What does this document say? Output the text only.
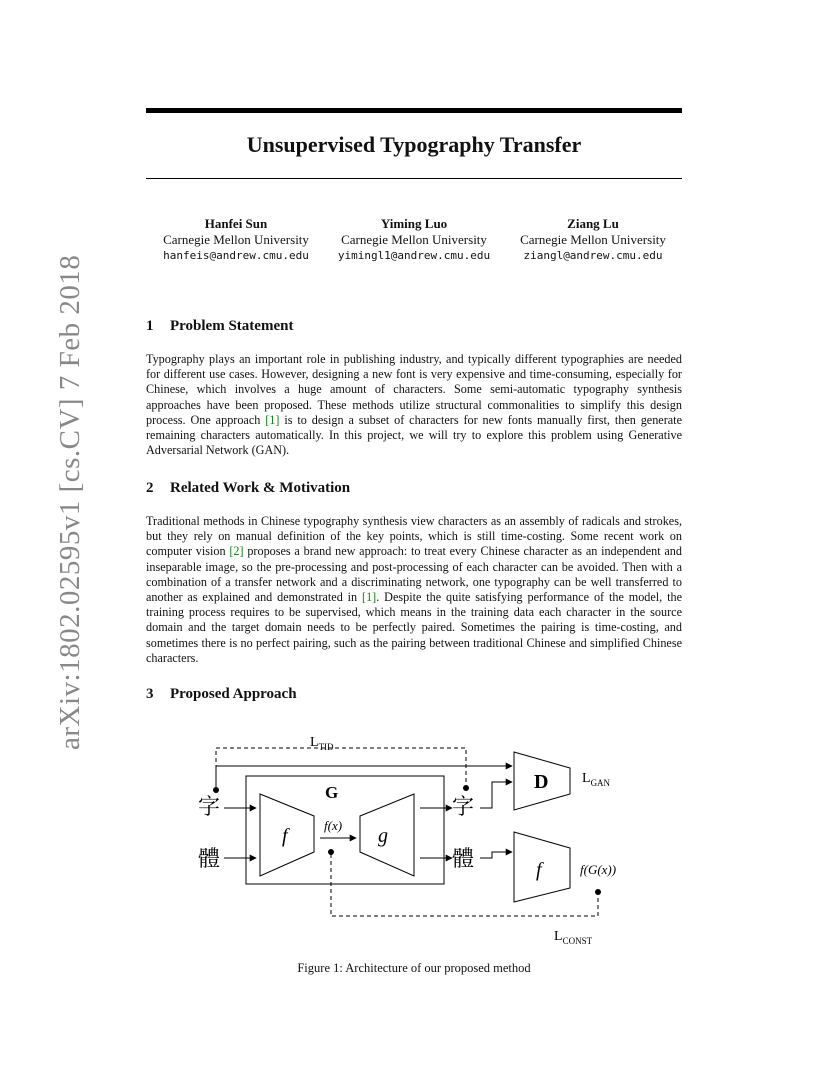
arXiv:1802.02595v1 [cs.CV] 7 Feb 2018
Unsupervised Typography Transfer
Hanfei Sun
Carnegie Mellon University
hanfeis@andrew.cmu.edu
Yiming Luo
Carnegie Mellon University
yimingl1@andrew.cmu.edu
Ziang Lu
Carnegie Mellon University
ziangl@andrew.cmu.edu
1 Problem Statement
Typography plays an important role in publishing industry, and typically different typographies are needed for different use cases. However, designing a new font is very expensive and time-consuming, especially for Chinese, which involves a huge amount of characters. Some semi-automatic typography synthesis approaches have been proposed. These methods utilize structural commonalities to simplify this design process. One approach [1] is to design a subset of characters for new fonts manually first, then generate remaining characters automatically. In this project, we will try to explore this problem using Generative Adversarial Network (GAN).
2 Related Work & Motivation
Traditional methods in Chinese typography synthesis view characters as an assembly of radicals and strokes, but they rely on manual definition of the key points, which is still time-costing. Some recent work on computer vision [2] proposes a brand new approach: to treat every Chinese character as an independent and inseparable image, so the pre-processing and post-processing of each character can be avoided. Then with a combination of a transfer network and a discriminating network, one typography can be well transferred to another as explained and demonstrated in [1]. Despite the quite satisfying performance of the model, the training process requires to be supervised, which means in the training data each character in the source domain and the target domain needs to be perfectly paired. Sometimes the pairing is time-costing, and sometimes there is no perfect pairing, such as the pairing between traditional Chinese and simplified Chinese characters.
3 Proposed Approach
$L_{TID}$
字
體
G
f	f(x) g
字
體
D $L_{GAN}$
f	f(G(x))
$L_{CONST}$
Figure 1: Architecture of our proposed method
